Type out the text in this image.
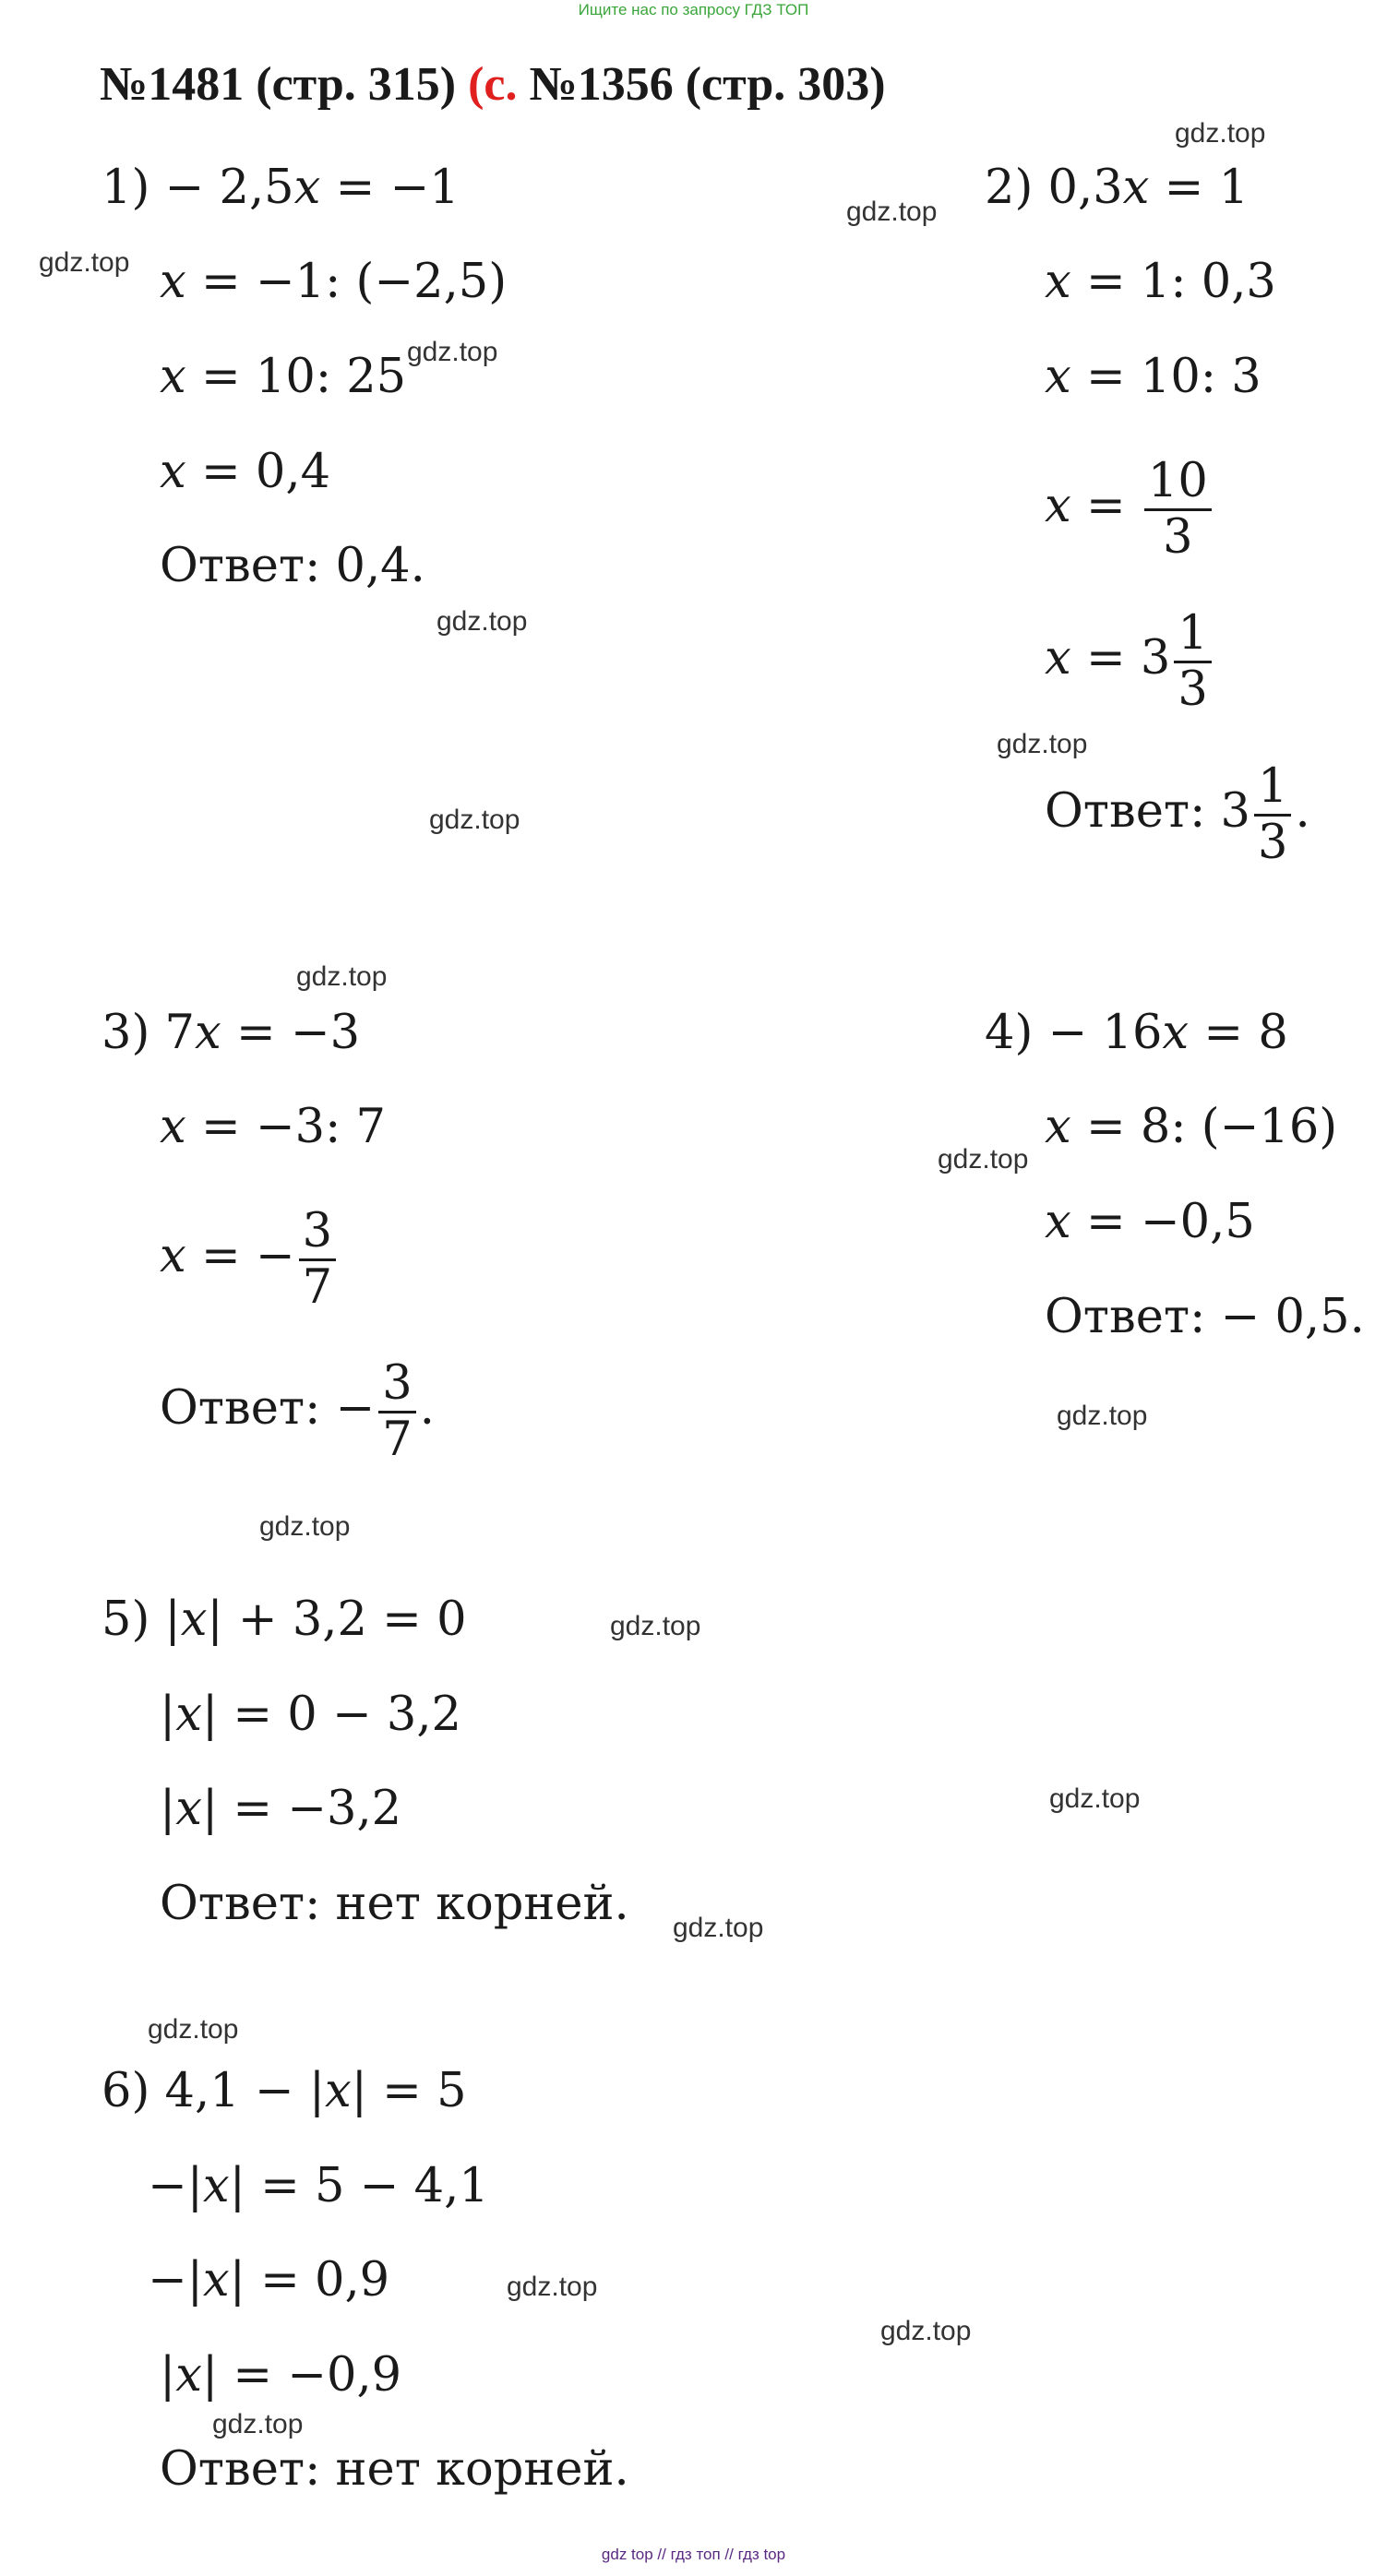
Ищите нас по запросу ГДЗ ТОП
№1481 (стр. 315) (с. №1356 (стр. 303)
1) − 2,5x = −1
x = −1: (−2,5)
x = 10: 25
x = 0,4
Ответ: 0,4.
2) 0,3x = 1
x = 1: 0,3
x = 10: 3
$x = \frac{10}{3}$
$x = 3 \frac{1}{3}$
Ответ: $3 \frac{1}{3}$ .
3) 7x = −3
x = −3: 7
x = − $\frac{3}{7}$
Ответ: − $\frac{3}{7}$ .
4) − 16x = 8
x = 8: (−16)
x = −0,5
Ответ: − 0,5.
5) |x| + 3,2 = 0
|x| = 0 − 3,2
|x| = −3,2
Ответ: нет корней.
6) 4,1 − |x| = 5
−|x| = 5 − 4,1
−|x| = 0,9
|x| = −0,9
Ответ: нет корней.
gdz.top
gdz.top
gdz.top
gdz.top
gdz.top
gdz.top
gdz.top
gdz.top
gdz.top
gdz.top
gdz.top
gdz.top
gdz.top
gdz.top
gdz.top
gdz.top
gdz.top
gdz.top
gdz top // гдз топ // гдз top
